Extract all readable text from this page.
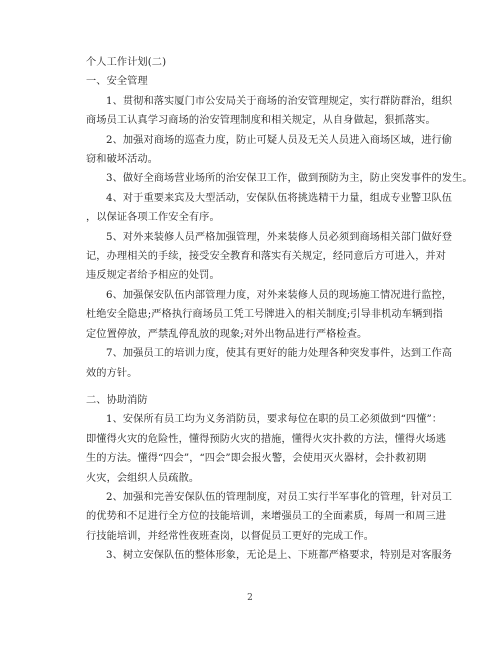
个人工作计划(二)
一、安全管理
1、贯彻和落实厦门市公安局关于商场的治安管理规定，实行群防群治，组织
商场员工认真学习商场的治安管理制度和相关规定，从自身做起，狠抓落实。
2、加强对商场的巡查力度，防止可疑人员及无关人员进入商场区域，进行偷
窃和破坏活动。
3、做好全商场营业场所的治安保卫工作，做到预防为主，防止突发事件的发生。
4、对于重要来宾及大型活动，安保队伍将挑选精干力量，组成专业警卫队伍
，以保证各项工作安全有序。
5、对外来装修人员严格加强管理，外来装修人员必须到商场相关部门做好登
记，办理相关的手续，接受安全教育和落实有关规定，经同意后方可进入，并对
违反规定者给予相应的处罚。
6、加强保安队伍内部管理力度，对外来装修人员的现场施工情况进行监控，
杜绝安全隐患;严格执行商场员工凭工号牌进入的相关制度;引导非机动车辆到指
定位置停放，严禁乱停乱放的现象;对外出物品进行严格检查。
7、加强员工的培训力度，使其有更好的能力处理各种突发事件，达到工作高
效的方针。
二、协助消防
1、安保所有员工均为义务消防员，要求每位在职的员工必须做到“四懂”：
即懂得火灾的危险性，懂得预防火灾的措施，懂得火灾扑救的方法，懂得火场逃
生的方法。懂得“四会”，“四会”即会报火警，会使用灭火器材，会扑救初期
火灾，会组织人员疏散。
2、加强和完善安保队伍的管理制度，对员工实行半军事化的管理，针对员工
的优势和不足进行全方位的技能培训，来增强员工的全面素质，每周一和周三进
行技能培训，并经常性夜班查岗，以督促员工更好的完成工作。
3、树立安保队伍的整体形象，无论是上、下班都严格要求，特别是对客服务
2
